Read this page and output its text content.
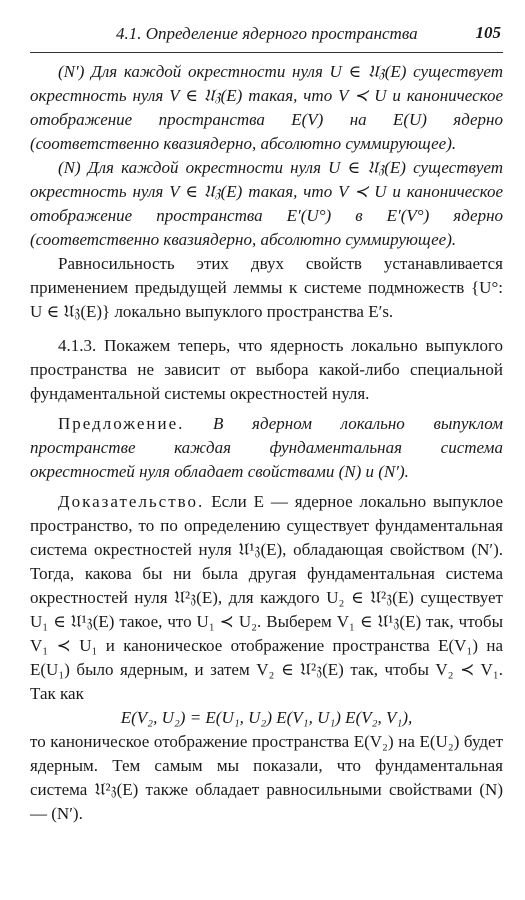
4.1. Определение ядерного пространства	105

(N′) Для каждой окрестности нуля U ∈ 𝔘𝔷(E) существует окрестность нуля V ∈ 𝔘𝔷(E) такая, что V ≺ U и каноническое отображение пространства E(V) на E(U) ядерно (соответственно квазиядерно, абсолютно суммирующее).

(N) Для каждой окрестности нуля U ∈ 𝔘𝔷(E) существует окрестность нуля V ∈ 𝔘𝔷(E) такая, что V ≺ U и каноническое отображение пространства E′(U°) в E′(V°) ядерно (соответственно квазиядерно, абсолютно суммирующее).

Равносильность этих двух свойств устанавливается применением предыдущей леммы к системе подмножеств {U°: U ∈ 𝔘𝔷(E)} локально выпуклого пространства E′s.

4.1.3. Покажем теперь, что ядерность локально выпуклого пространства не зависит от выбора какой-либо специальной фундаментальной системы окрестностей нуля.

Предложение. В ядерном локально выпуклом пространстве каждая фундаментальная система окрестностей нуля обладает свойствами (N) и (N′).

Доказательство. Если E — ядерное локально выпуклое пространство, то по определению существует фундаментальная система окрестностей нуля 𝔘¹𝔷(E), обладающая свойством (N′). Тогда, какова бы ни была другая фундаментальная система окрестностей нуля 𝔘²𝔷(E), для каждого U₂ ∈ 𝔘²𝔷(E) существует U₁ ∈ 𝔘¹𝔷(E) такое, что U₁ ≺ U₂. Выберем V₁ ∈ 𝔘¹𝔷(E) так, чтобы V₁ ≺ U₁ и каноническое отображение пространства E(V₁) на E(U₁) было ядерным, и затем V₂ ∈ 𝔘²𝔷(E) так, чтобы V₂ ≺ V₁. Так как

E(V₂, U₂) = E(U₁, U₂) E(V₁, U₁) E(V₂, V₁),

то каноническое отображение пространства E(V₂) на E(U₂) будет ядерным. Тем самым мы показали, что фундаментальная система 𝔘²𝔷(E) также обладает равносильными свойствами (N) — (N′).
